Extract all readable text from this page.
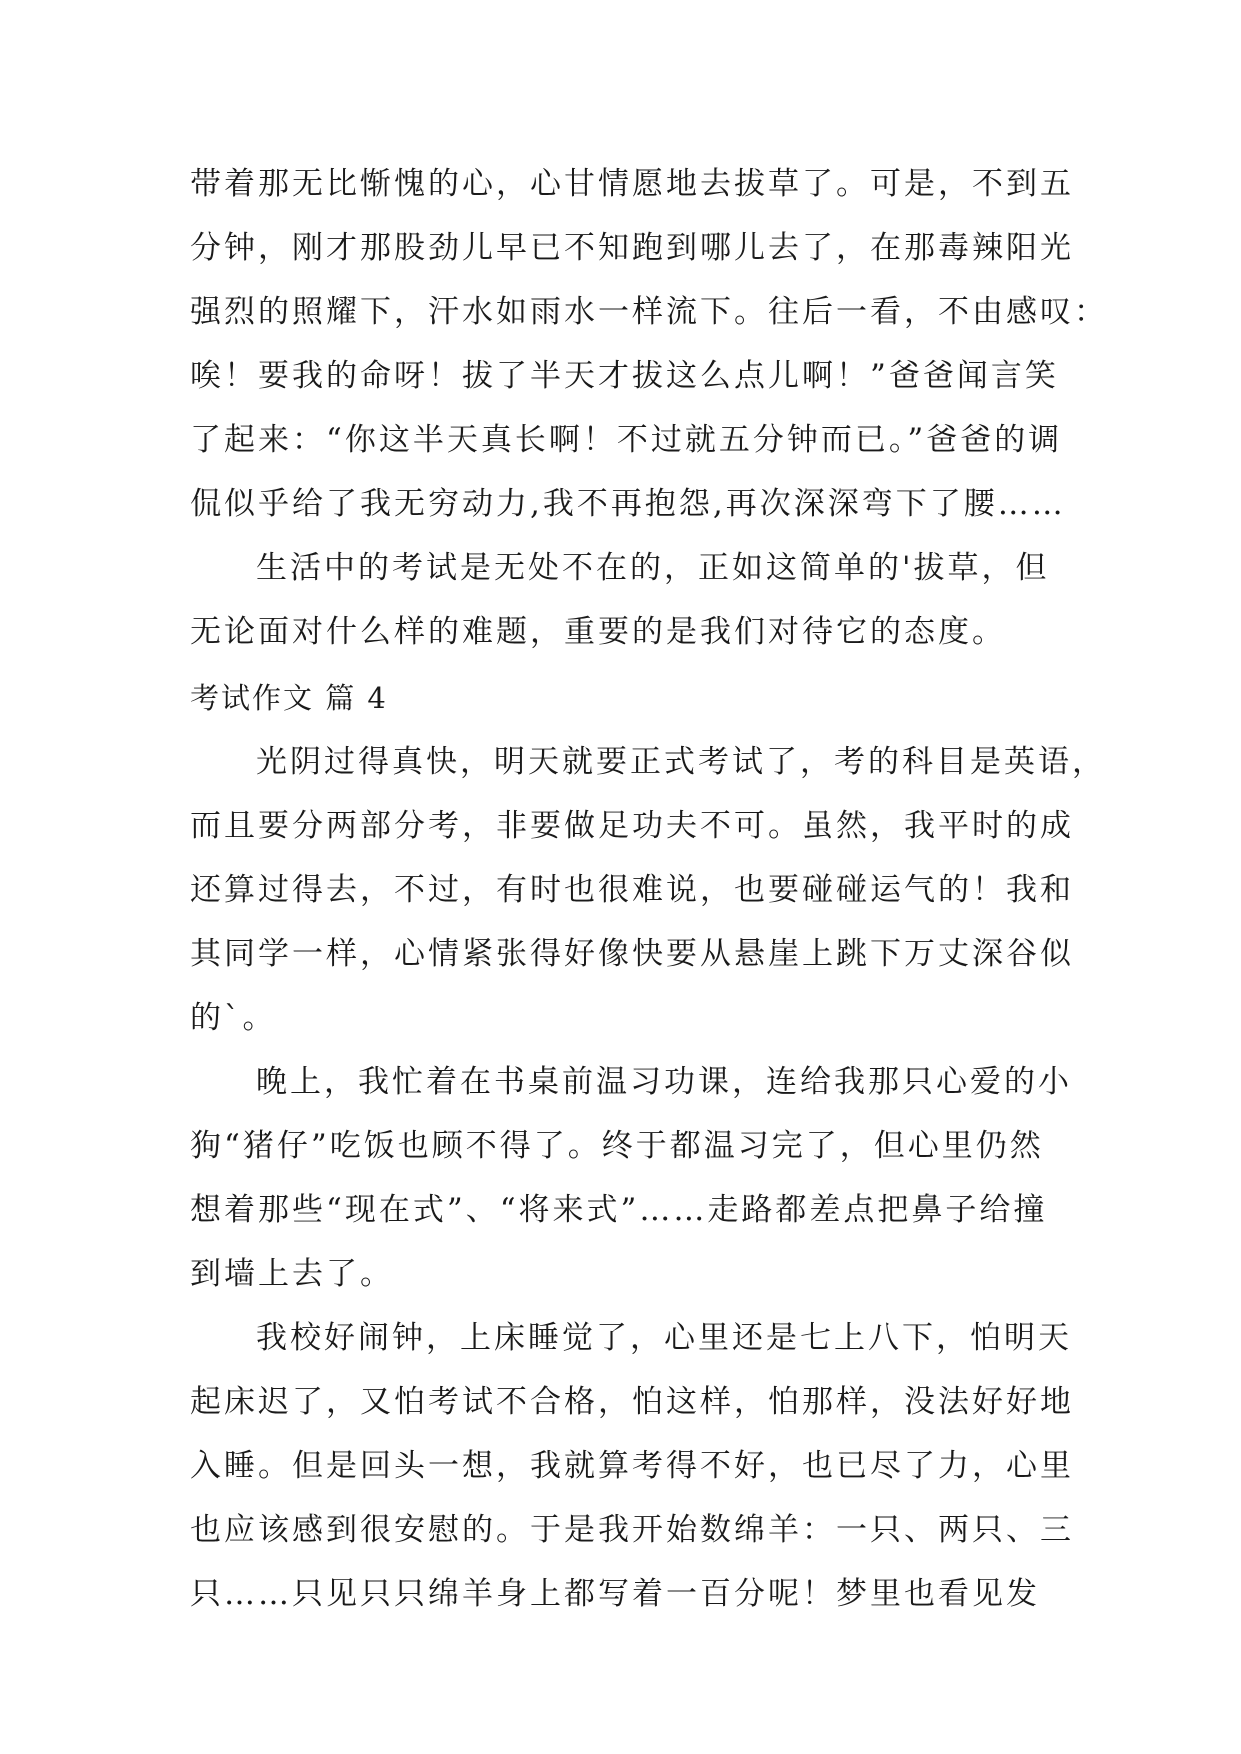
带着那无比惭愧的心，心甘情愿地去拔草了。可是，不到五
分钟，刚才那股劲儿早已不知跑到哪儿去了，在那毒辣阳光
强烈的照耀下，汗水如雨水一样流下。往后一看，不由感叹：
唉！要我的命呀！拔了半天才拔这么点儿啊！”爸爸闻言笑
了起来：“你这半天真长啊！不过就五分钟而已。”爸爸的调
侃似乎给了我无穷动力,我不再抱怨,再次深深弯下了腰……
生活中的考试是无处不在的，正如这简单的'拔草，但
无论面对什么样的难题，重要的是我们对待它的态度。
考试作文 篇 4
光阴过得真快，明天就要正式考试了，考的科目是英语，
而且要分两部分考，非要做足功夫不可。虽然，我平时的成
还算过得去，不过，有时也很难说，也要碰碰运气的！我和
其同学一样，心情紧张得好像快要从悬崖上跳下万丈深谷似
的`。
晚上，我忙着在书桌前温习功课，连给我那只心爱的小
狗“猪仔”吃饭也顾不得了。终于都温习完了，但心里仍然
想着那些“现在式”、“将来式”……走路都差点把鼻子给撞
到墙上去了。
我校好闹钟，上床睡觉了，心里还是七上八下，怕明天
起床迟了，又怕考试不合格，怕这样，怕那样，没法好好地
入睡。但是回头一想，我就算考得不好，也已尽了力，心里
也应该感到很安慰的。于是我开始数绵羊：一只、两只、三
只……只见只只绵羊身上都写着一百分呢！梦里也看见发
